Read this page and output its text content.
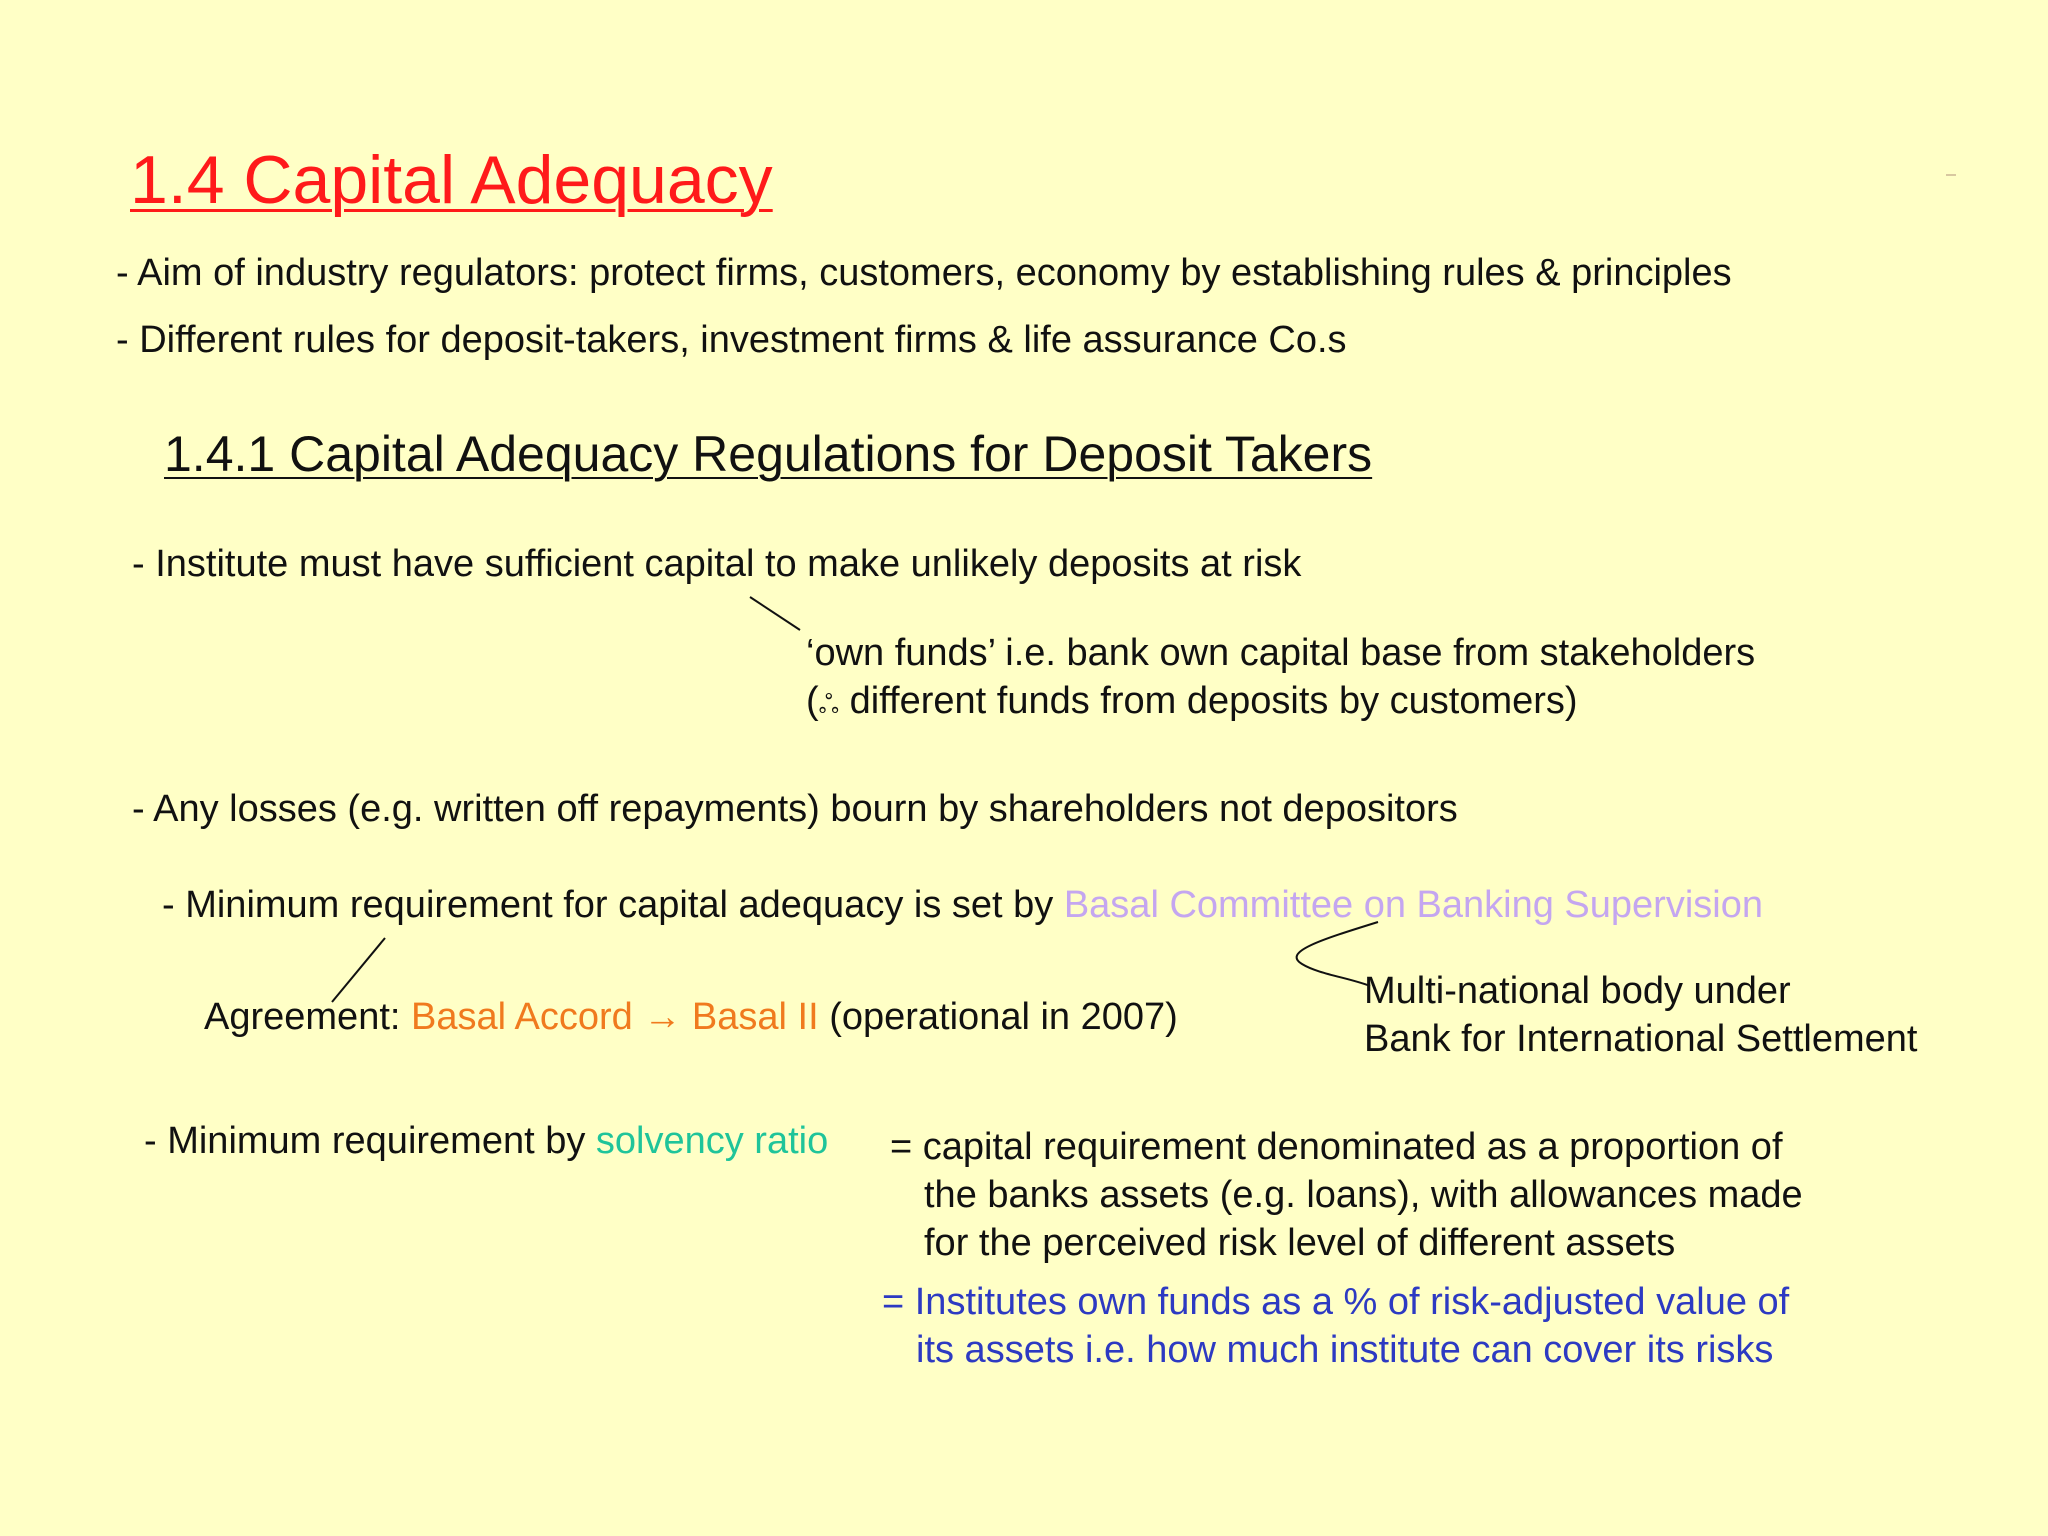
1.4 Capital Adequacy
- Aim of industry regulators: protect firms, customers, economy by establishing rules & principles
- Different rules for deposit-takers, investment firms & life assurance Co.s
1.4.1 Capital Adequacy Regulations for Deposit Takers
- Institute must have sufficient capital to make unlikely deposits at risk
‘own funds’ i.e. bank own capital base from stakeholders
(ஃ different funds from deposits by customers)
- Any losses (e.g. written off repayments) bourn by shareholders not depositors
- Minimum requirement for capital adequacy is set by Basal Committee on Banking Supervision
Agreement: Basal Accord → Basal II (operational in 2007)
Multi-national body under
Bank for International Settlement
- Minimum requirement by solvency ratio = capital requirement denominated as a proportion of
the banks assets (e.g. loans), with allowances made
for the perceived risk level of different assets
= Institutes own funds as a % of risk-adjusted value of
its assets i.e. how much institute can cover its risks
